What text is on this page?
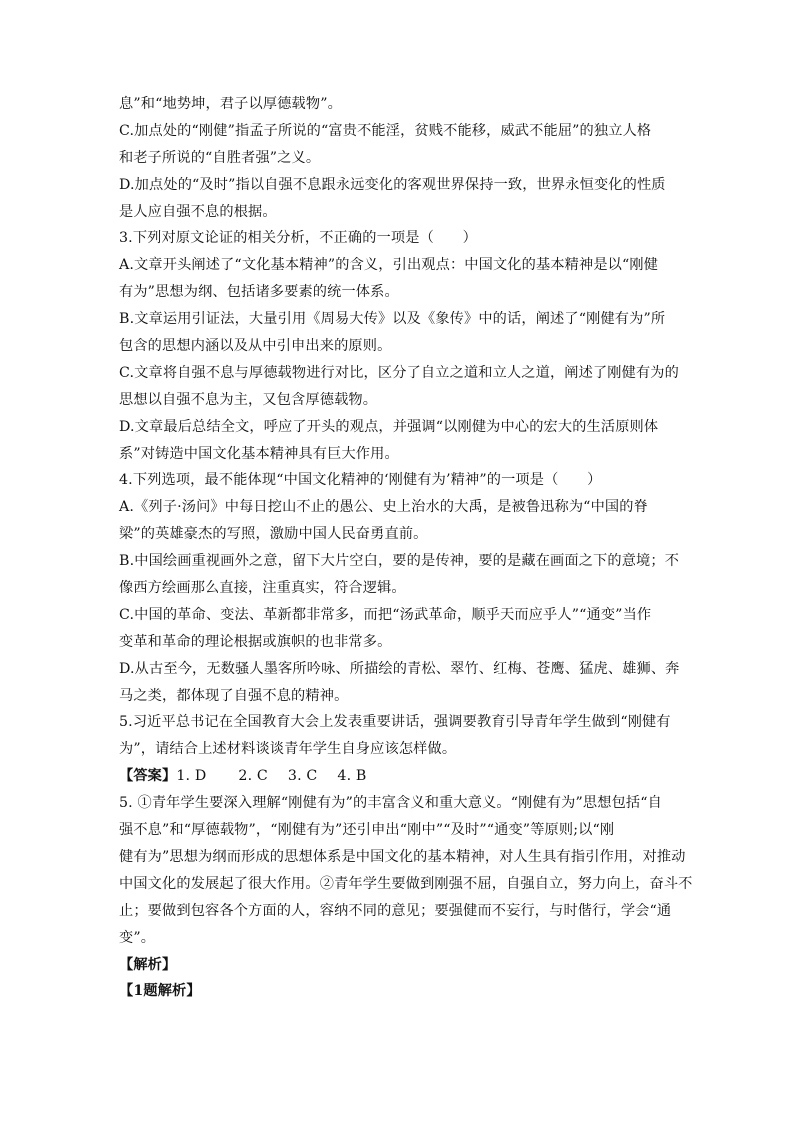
息”和“地势坤，君子以厚德载物”。
C.加点处的“刚健”指孟子所说的“富贵不能淫，贫贱不能移，威武不能屈”的独立人格
和老子所说的“自胜者强”之义。
D.加点处的“及时”指以自强不息跟永远变化的客观世界保持一致，世界永恒变化的性质
是人应自强不息的根据。
3.下列对原文论证的相关分析，不正确的一项是（　　）
A.文章开头阐述了“文化基本精神”的含义，引出观点：中国文化的基本精神是以“刚健
有为”思想为纲、包括诸多要素的统一体系。
B.文章运用引证法，大量引用《周易大传》以及《象传》中的话，阐述了“刚健有为”所
包含的思想内涵以及从中引申出来的原则。
C.文章将自强不息与厚德载物进行对比，区分了自立之道和立人之道，阐述了刚健有为的
思想以自强不息为主，又包含厚德载物。
D.文章最后总结全文，呼应了开头的观点，并强调“以刚健为中心的宏大的生活原则体
系”对铸造中国文化基本精神具有巨大作用。
4.下列选项，最不能体现“中国文化精神的‘刚健有为’精神”的一项是（　　）
A.《列子·汤问》中每日挖山不止的愚公、史上治水的大禹，是被鲁迅称为“中国的脊
梁”的英雄豪杰的写照，激励中国人民奋勇直前。
B.中国绘画重视画外之意，留下大片空白，要的是传神，要的是藏在画面之下的意境；不
像西方绘画那么直接，注重真实，符合逻辑。
C.中国的革命、变法、革新都非常多，而把“汤武革命，顺乎天而应乎人”“通变”当作
变革和革命的理论根据或旗帜的也非常多。
D.从古至今，无数骚人墨客所吟咏、所描绘的青松、翠竹、红梅、苍鹰、猛虎、雄狮、奔
马之类，都体现了自强不息的精神。
5.习近平总书记在全国教育大会上发表重要讲话，强调要教育引导青年学生做到“刚健有
为”，请结合上述材料谈谈青年学生自身应该怎样做。
【答案】1. D 2. C 3. C 4. B
5. ①青年学生要深入理解“刚健有为”的丰富含义和重大意义。“刚健有为”思想包括“自
强不息”和“厚德载物”，“刚健有为”还引申出“刚中”“及时”“通变”等原则;以“刚
健有为”思想为纲而形成的思想体系是中国文化的基本精神，对人生具有指引作用，对推动
中国文化的发展起了很大作用。②青年学生要做到刚强不屈，自强自立，努力向上，奋斗不
止；要做到包容各个方面的人，容纳不同的意见；要强健而不妄行，与时偕行，学会“通
变”。
【解析】
【1题解析】
